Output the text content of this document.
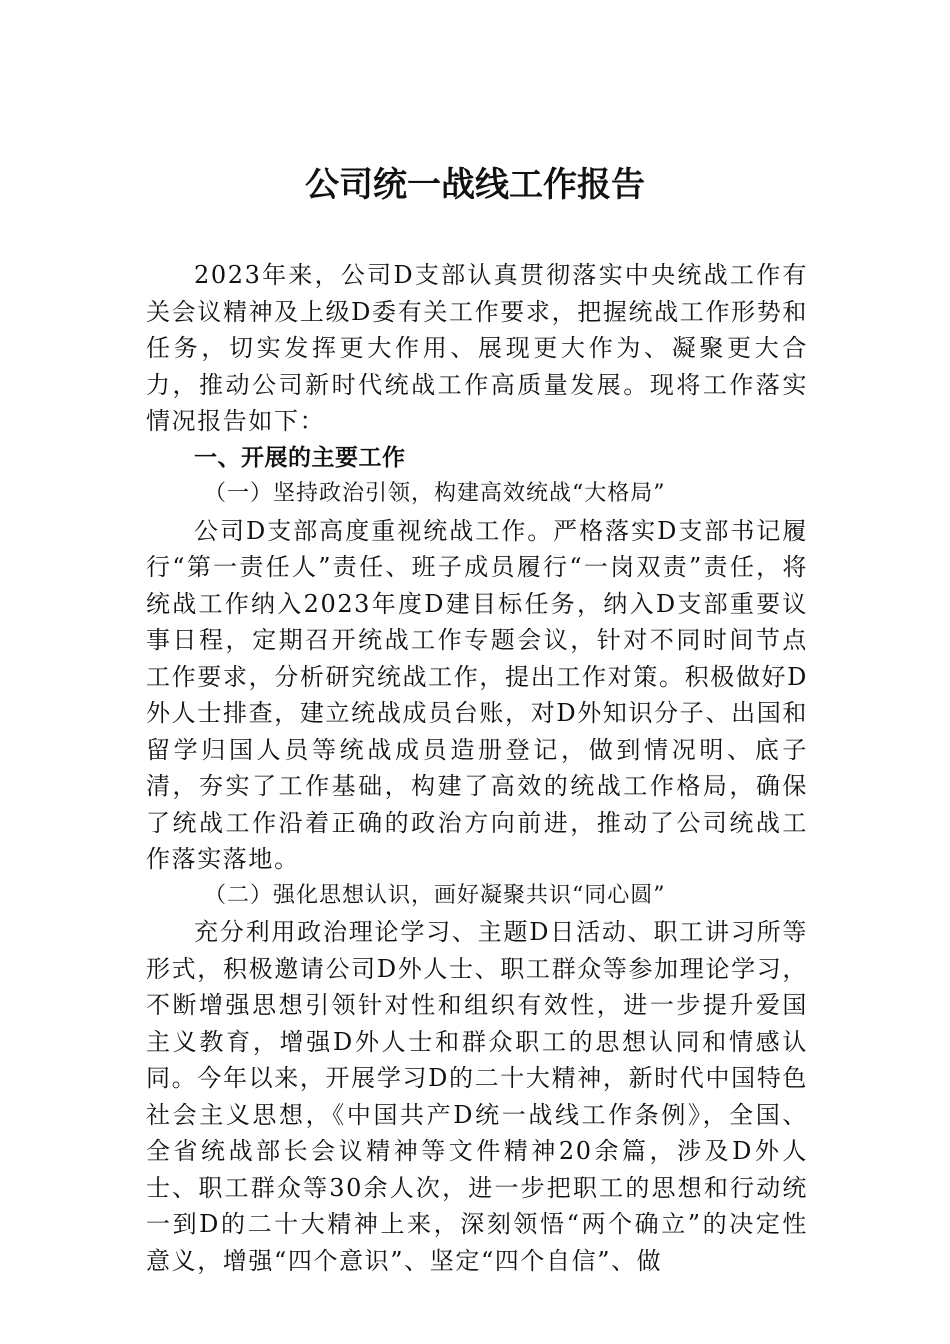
公司统一战线工作报告

2023年来，公司D支部认真贯彻落实中央统战工作有关会议精神及上级D委有关工作要求，把握统战工作形势和任务，切实发挥更大作用、展现更大作为、凝聚更大合力，推动公司新时代统战工作高质量发展。现将工作落实情况报告如下：

一、开展的主要工作

（一）坚持政治引领，构建高效统战“大格局”

公司D支部高度重视统战工作。严格落实D支部书记履行“第一责任人”责任、班子成员履行“一岗双责”责任，将统战工作纳入2023年度D建目标任务，纳入D支部重要议事日程，定期召开统战工作专题会议，针对不同时间节点工作要求，分析研究统战工作，提出工作对策。积极做好D外人士排查，建立统战成员台账，对D外知识分子、出国和留学归国人员等统战成员造册登记，做到情况明、底子清，夯实了工作基础，构建了高效的统战工作格局，确保了统战工作沿着正确的政治方向前进，推动了公司统战工作落实落地。

（二）强化思想认识，画好凝聚共识“同心圆”

充分利用政治理论学习、主题D日活动、职工讲习所等形式，积极邀请公司D外人士、职工群众等参加理论学习，不断增强思想引领针对性和组织有效性，进一步提升爱国主义教育，增强D外人士和群众职工的思想认同和情感认同。今年以来，开展学习D的二十大精神，新时代中国特色社会主义思想，《中国共产D统一战线工作条例》，全国、全省统战部长会议精神等文件精神20余篇，涉及D外人士、职工群众等30余人次，进一步把职工的思想和行动统一到D的二十大精神上来，深刻领悟“两个确立”的决定性意义，增强“四个意识”、坚定“四个自信”、做
